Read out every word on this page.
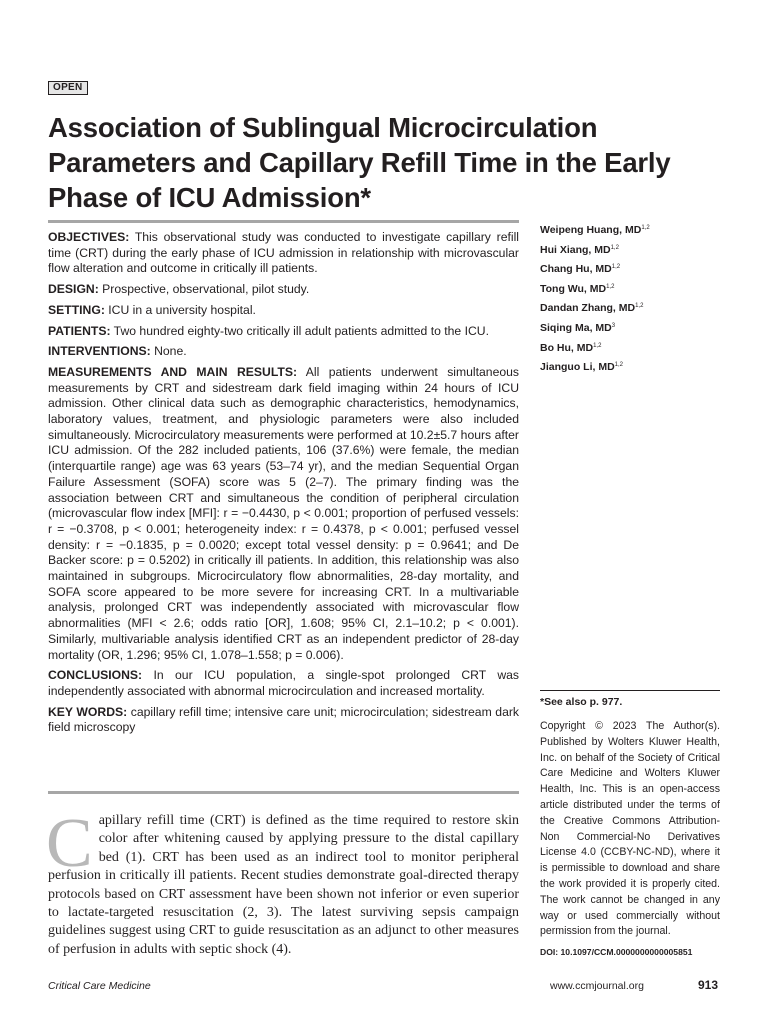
OPEN
Association of Sublingual Microcirculation Parameters and Capillary Refill Time in the Early Phase of ICU Admission*

OBJECTIVES: This observational study was conducted to investigate capillary refill time (CRT) during the early phase of ICU admission in relationship with microvascular flow alteration and outcome in critically ill patients.

DESIGN: Prospective, observational, pilot study.

SETTING: ICU in a university hospital.

PATIENTS: Two hundred eighty-two critically ill adult patients admitted to the ICU.

INTERVENTIONS: None.

MEASUREMENTS AND MAIN RESULTS: All patients underwent simultaneous measurements by CRT and sidestream dark field imaging within 24 hours of ICU admission. Other clinical data such as demographic characteristics, hemodynamics, laboratory values, treatment, and physiologic parameters were also included simultaneously. Microcirculatory measurements were performed at 10.2±5.7 hours after ICU admission. Of the 282 included patients, 106 (37.6%) were female, the median (interquartile range) age was 63 years (53–74 yr), and the median Sequential Organ Failure Assessment (SOFA) score was 5 (2–7). The primary finding was the association between CRT and simultaneous the condition of peripheral circulation (microvascular flow index [MFI]: r = −0.4430, p < 0.001; proportion of perfused vessels: r = −0.3708, p < 0.001; heterogeneity index: r = 0.4378, p < 0.001; perfused vessel density: r = −0.1835, p = 0.0020; except total vessel density: p = 0.9641; and De Backer score: p = 0.5202) in critically ill patients. In addition, this relationship was also maintained in subgroups. Microcirculatory flow abnormalities, 28-day mortality, and SOFA score appeared to be more severe for increasing CRT. In a multivariable analysis, prolonged CRT was independently associated with microvascular flow abnormalities (MFI < 2.6; odds ratio [OR], 1.608; 95% CI, 2.1–10.2; p < 0.001). Similarly, multivariable analysis identified CRT as an independent predictor of 28-day mortality (OR, 1.296; 95% CI, 1.078–1.558; p = 0.006).

CONCLUSIONS: In our ICU population, a single-spot prolonged CRT was independently associated with abnormal microcirculation and increased mortality.

KEY WORDS: capillary refill time; intensive care unit; microcirculation; sidestream dark field microscopy

Weipeng Huang, MD$^{1,2}$
Hui Xiang, MD$^{1,2}$
Chang Hu, MD$^{1,2}$
Tong Wu, MD$^{1,2}$
Dandan Zhang, MD$^{1,2}$
Siqing Ma, $MD^3$
Bo Hu, MD$^{1,2}$
Jianguo Li, MD$^{1,2}$
*See also p. 977.
Copyright © 2023 The Author(s). Published by Wolters Kluwer Health, Inc. on behalf of the Society of Critical Care Medicine and Wolters Kluwer Health, Inc. This is an open-access article distributed under the terms of the Creative Commons Attribution-Non Commercial-No Derivatives License 4.0 (CCBY-NC-ND), where it is permissible to download and share the work provided it is properly cited. The work cannot be changed in any way or used commercially without permission from the journal.
DOI: 10.1097/CCM.0000000000005851
Capillary refill time (CRT) is defined as the time required to restore skin color after whitening caused by applying pressure to the distal capillary bed (1). CRT has been used as an indirect tool to monitor peripheral perfusion in critically ill patients. Recent studies demonstrate goal-directed therapy protocols based on CRT assessment have been shown not inferior or even superior to lactate-targeted resuscitation (2, 3). The latest surviving sepsis campaign guidelines suggest using CRT to guide resuscitation as an adjunct to other measures of perfusion in adults with septic shock (4).
Critical Care Medicine	www.ccmjournal.org	913
